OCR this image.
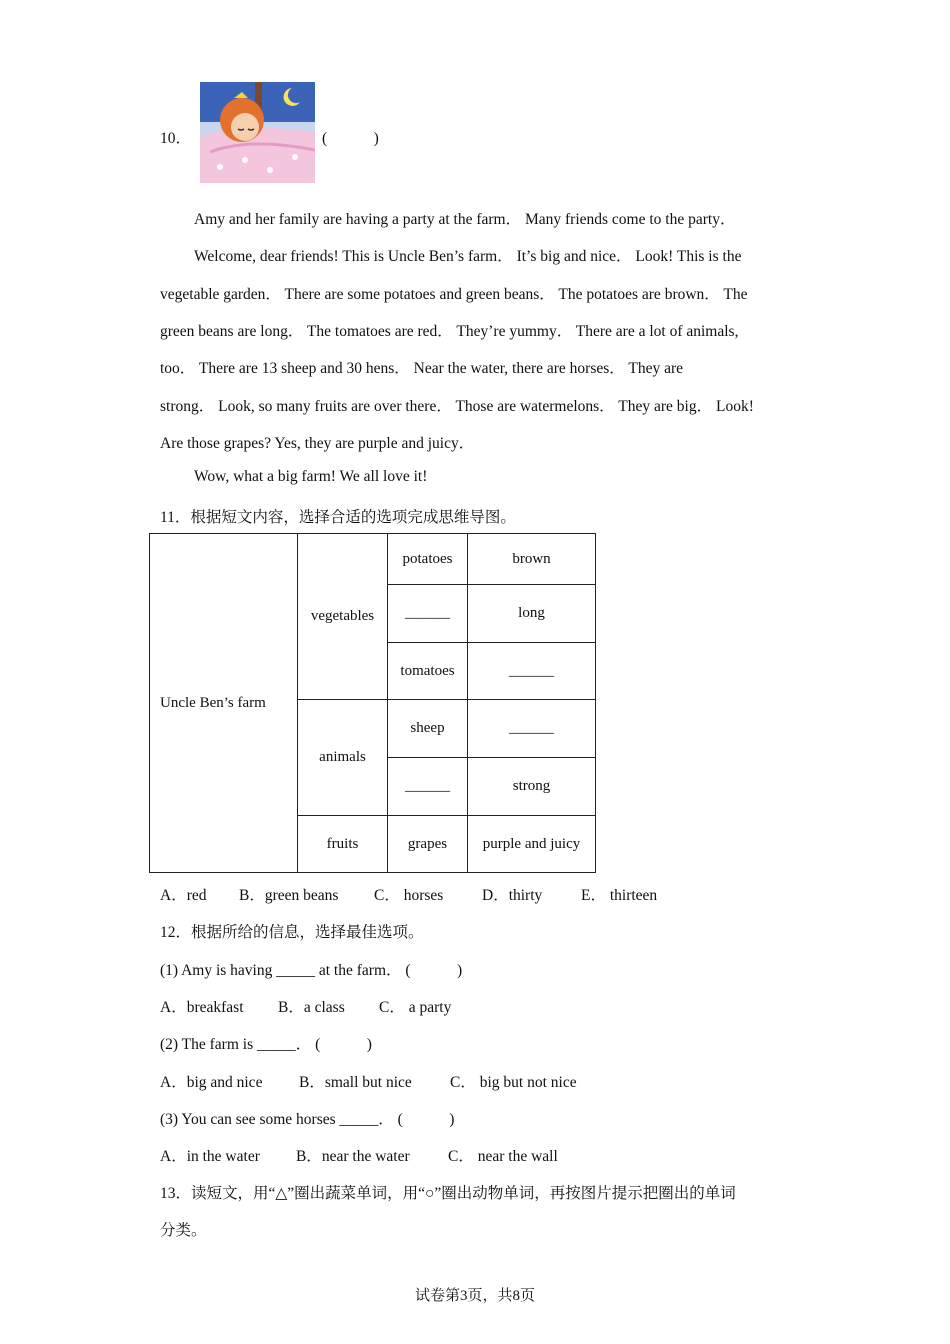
10．	(　　　)

Amy and her family are having a party at the farm． Many friends come to the party．

Welcome, dear friends! This is Uncle Ben’s farm． It’s big and nice． Look! This is the

vegetable garden． There are some potatoes and green beans． The potatoes are brown． The

green beans are long． The tomatoes are red． They’re yummy． There are a lot of animals,

too． There are 13 sheep and 30 hens． Near the water, there are horses． They are

strong． Look, so many fruits are over there． Those are watermelons． They are big． Look!

Are those grapes? Yes, they are purple and juicy．

Wow, what a big farm! We all love it!

11．根据短文内容，选择合适的选项完成思维导图。
Uncle Ben’s farm	vegetables	potatoes	brown
		______	long
		tomatoes	______
	animals	sheep	______
		______	strong
	fruits	grapes	purple and juicy
A．red B．green beans C． horses D．thirty E． thirteen
12．根据所给的信息，选择最佳选项。
(1) Amy is having _____ at the farm． (　　　)
A．breakfast B．a class C． a party
(2) The farm is _____． (　　　)
A．big and nice B．small but nice C． big but not nice
(3) You can see some horses _____． (　　　)
A．in the water B．near the water C． near the wall
13．读短文，用“△”圈出蔬菜单词，用“○”圈出动物单词，再按图片提示把圈出的单词
分类。
试卷第3页，共8页
